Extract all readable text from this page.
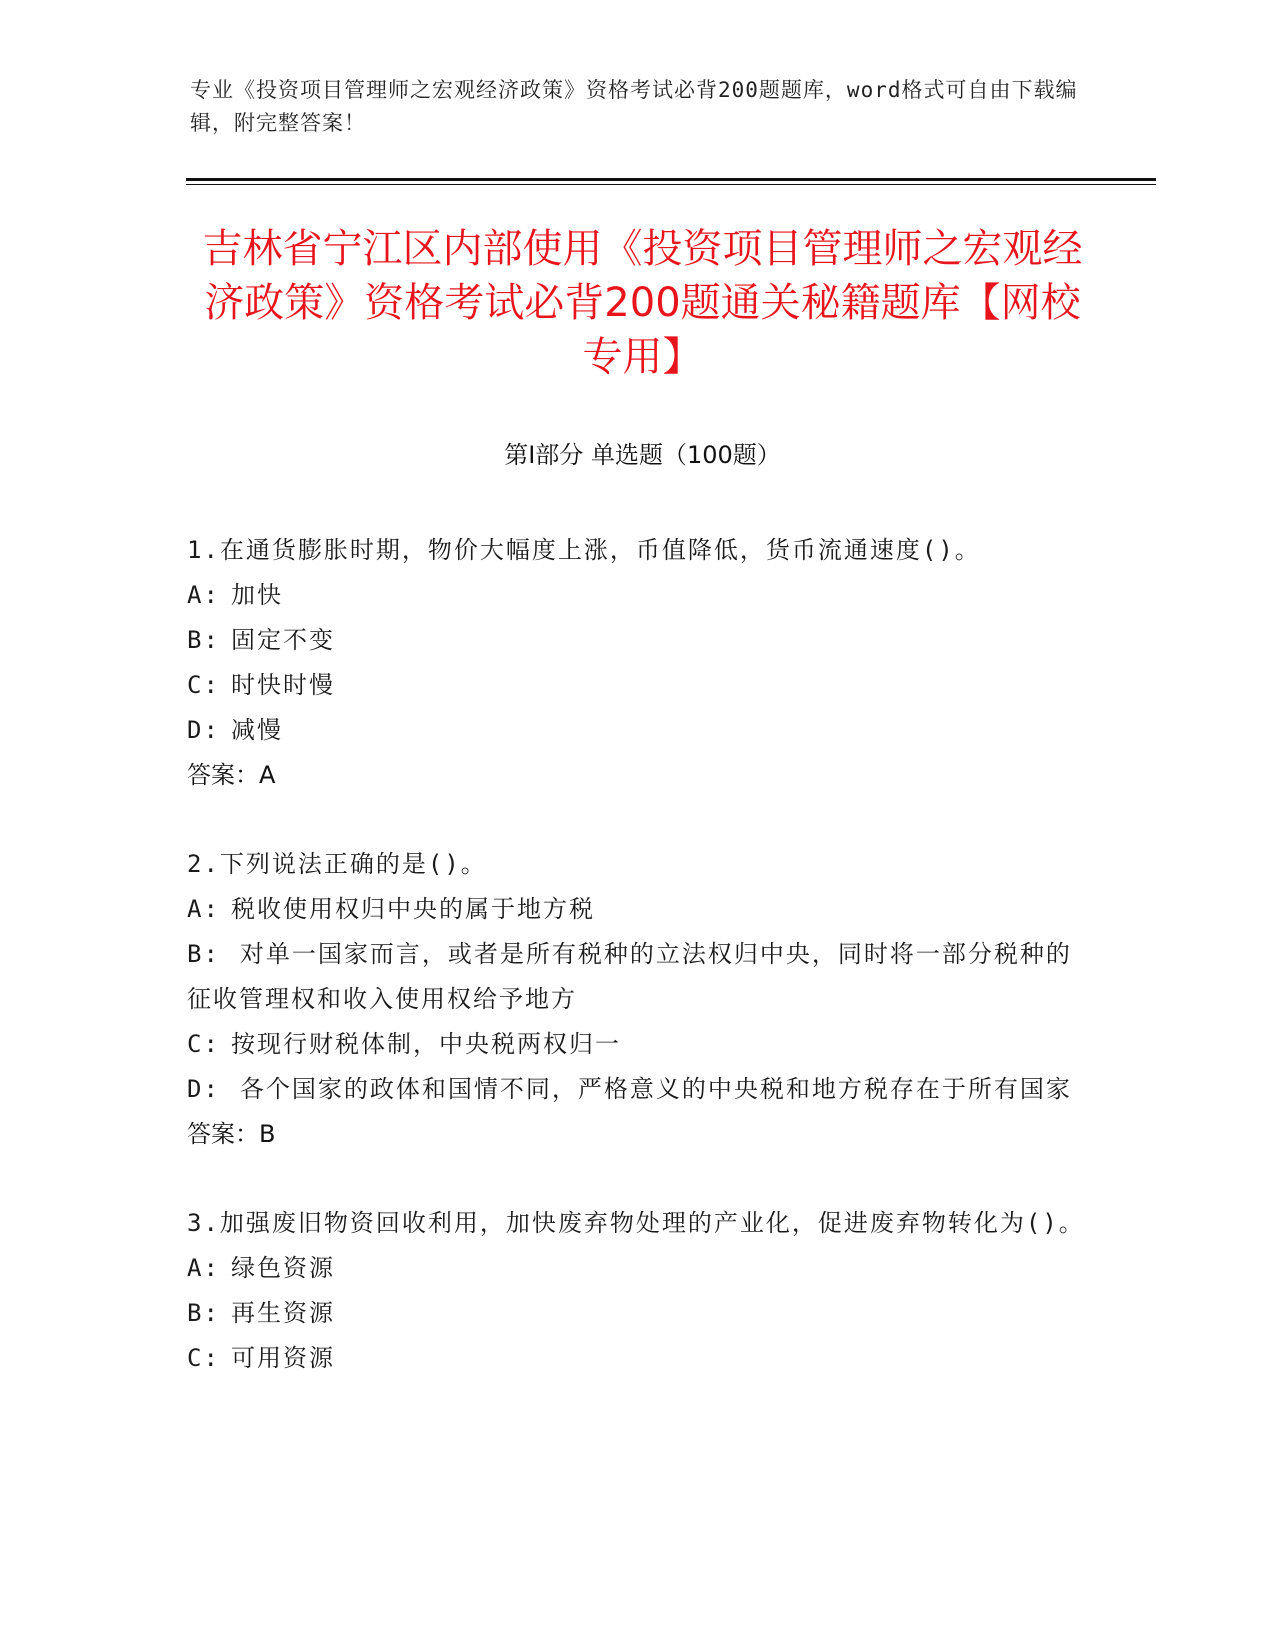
专业《投资项目管理师之宏观经济政策》资格考试必背200题题库，word格式可自由下载编辑，附完整答案！
吉林省宁江区内部使用《投资项目管理师之宏观经济政策》资格考试必背200题通关秘籍题库【网校专用】
第I部分 单选题（100题）

1.在通货膨胀时期，物价大幅度上涨，币值降低，货币流通速度()。

A: 加快
B: 固定不变
C: 时快时慢
D: 减慢
答案：A

2.下列说法正确的是()。

A: 税收使用权归中央的属于地方税
B: 对单一国家而言，或者是所有税种的立法权归中央，同时将一部分税种的征收管理权和收入使用权给予地方
C: 按现行财税体制，中央税两权归一
D: 各个国家的政体和国情不同，严格意义的中央税和地方税存在于所有国家
答案：B

3.加强废旧物资回收利用，加快废弃物处理的产业化，促进废弃物转化为()。

A: 绿色资源
B: 再生资源
C: 可用资源
